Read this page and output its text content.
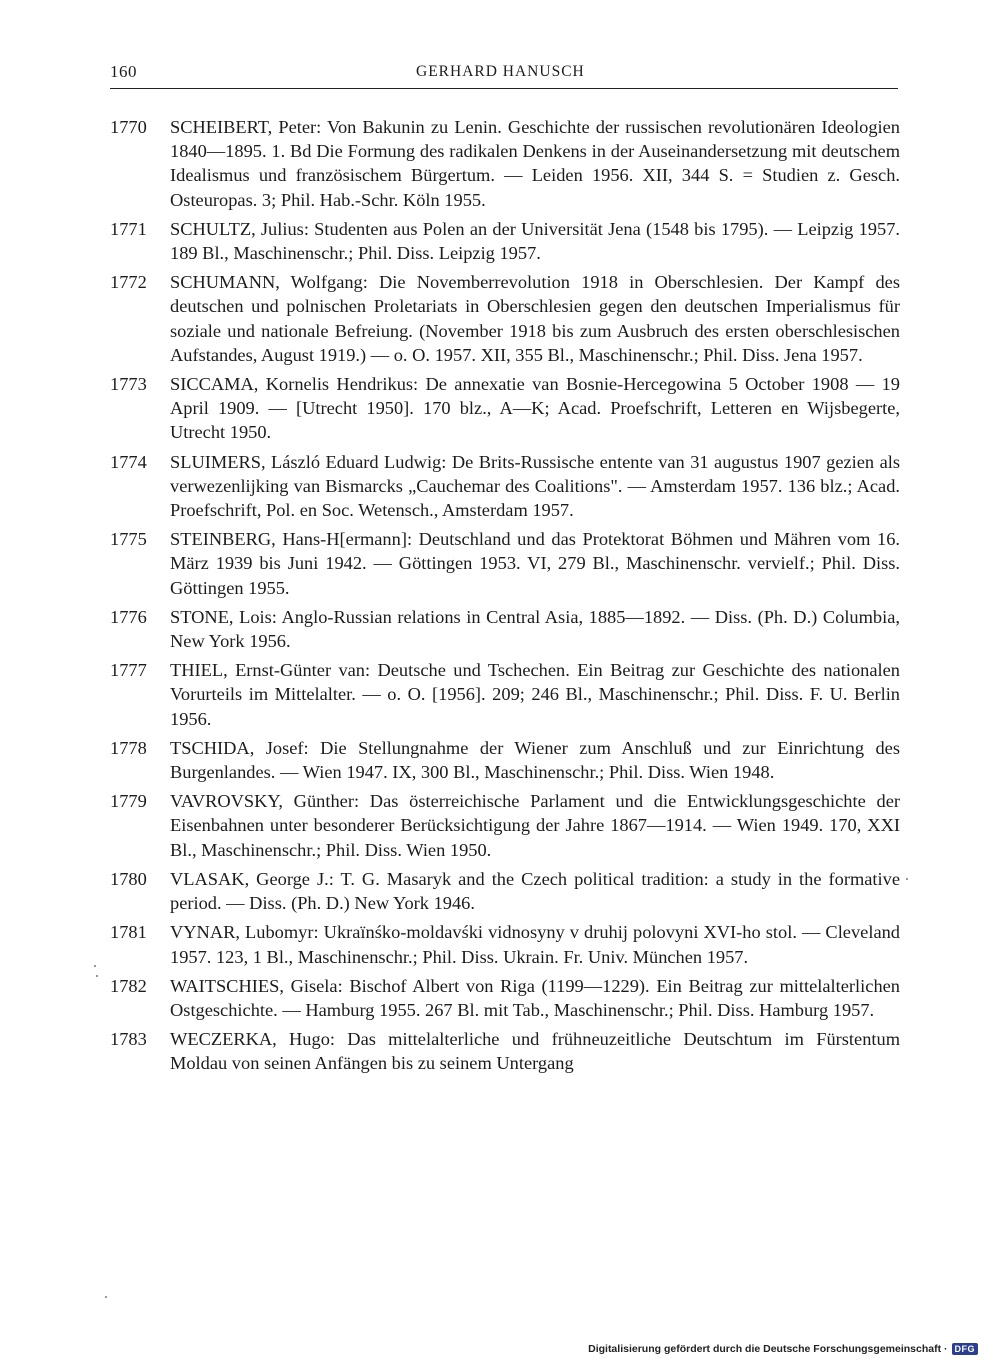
160	GERHARD HANUSCH
1770	SCHEIBERT, Peter: Von Bakunin zu Lenin. Geschichte der russischen revolutionären Ideologien 1840—1895. 1. Bd Die Formung des radikalen Denkens in der Auseinandersetzung mit deutschem Idealismus und französischem Bürgertum. — Leiden 1956. XII, 344 S. = Studien z. Gesch. Osteuropas. 3; Phil. Hab.-Schr. Köln 1955.
1771	SCHULTZ, Julius: Studenten aus Polen an der Universität Jena (1548 bis 1795). — Leipzig 1957. 189 Bl., Maschinenschr.; Phil. Diss. Leipzig 1957.
1772	SCHUMANN, Wolfgang: Die Novemberrevolution 1918 in Oberschlesien. Der Kampf des deutschen und polnischen Proletariats in Oberschlesien gegen den deutschen Imperialismus für soziale und nationale Befreiung. (November 1918 bis zum Ausbruch des ersten oberschlesischen Aufstandes, August 1919.) — o. O. 1957. XII, 355 Bl., Maschinenschr.; Phil. Diss. Jena 1957.
1773	SICCAMA, Kornelis Hendrikus: De annexatie van Bosnie-Hercegowina 5 October 1908 — 19 April 1909. — [Utrecht 1950]. 170 blz., A—K; Acad. Proefschrift, Letteren en Wijsbegerte, Utrecht 1950.
1774	SLUIMERS, László Eduard Ludwig: De Brits-Russische entente van 31 augustus 1907 gezien als verwezenlijking van Bismarcks „Cauchemar des Coalitions". — Amsterdam 1957. 136 blz.; Acad. Proefschrift, Pol. en Soc. Wetensch., Amsterdam 1957.
1775	STEINBERG, Hans-H[ermann]: Deutschland und das Protektorat Böhmen und Mähren vom 16. März 1939 bis Juni 1942. — Göttingen 1953. VI, 279 Bl., Maschinenschr. vervielf.; Phil. Diss. Göttingen 1955.
1776	STONE, Lois: Anglo-Russian relations in Central Asia, 1885—1892. — Diss. (Ph. D.) Columbia, New York 1956.
1777	THIEL, Ernst-Günter van: Deutsche und Tschechen. Ein Beitrag zur Geschichte des nationalen Vorurteils im Mittelalter. — o. O. [1956]. 209; 246 Bl., Maschinenschr.; Phil. Diss. F. U. Berlin 1956.
1778	TSCHIDA, Josef: Die Stellungnahme der Wiener zum Anschluß und zur Einrichtung des Burgenlandes. — Wien 1947. IX, 300 Bl., Maschinenschr.; Phil. Diss. Wien 1948.
1779	VAVROVSKY, Günther: Das österreichische Parlament und die Entwicklungsgeschichte der Eisenbahnen unter besonderer Berücksichtigung der Jahre 1867—1914. — Wien 1949. 170, XXI Bl., Maschinenschr.; Phil. Diss. Wien 1950.
1780	VLASAK, George J.: T. G. Masaryk and the Czech political tradition: a study in the formative period. — Diss. (Ph. D.) New York 1946.
1781	VYNAR, Lubomyr: Ukraïnśko-moldavśki vidnosyny v druhij polovyni XVI-ho stol. — Cleveland 1957. 123, 1 Bl., Maschinenschr.; Phil. Diss. Ukrain. Fr. Univ. München 1957.
1782	WAITSCHIES, Gisela: Bischof Albert von Riga (1199—1229). Ein Beitrag zur mittelalterlichen Ostgeschichte. — Hamburg 1955. 267 Bl. mit Tab., Maschinenschr.; Phil. Diss. Hamburg 1957.
1783	WECZERKA, Hugo: Das mittelalterliche und frühneuzeitliche Deutschtum im Fürstentum Moldau von seinen Anfängen bis zu seinem Untergang
Digitalisierung gefördert durch die Deutsche Forschungsgemeinschaft · DFG
